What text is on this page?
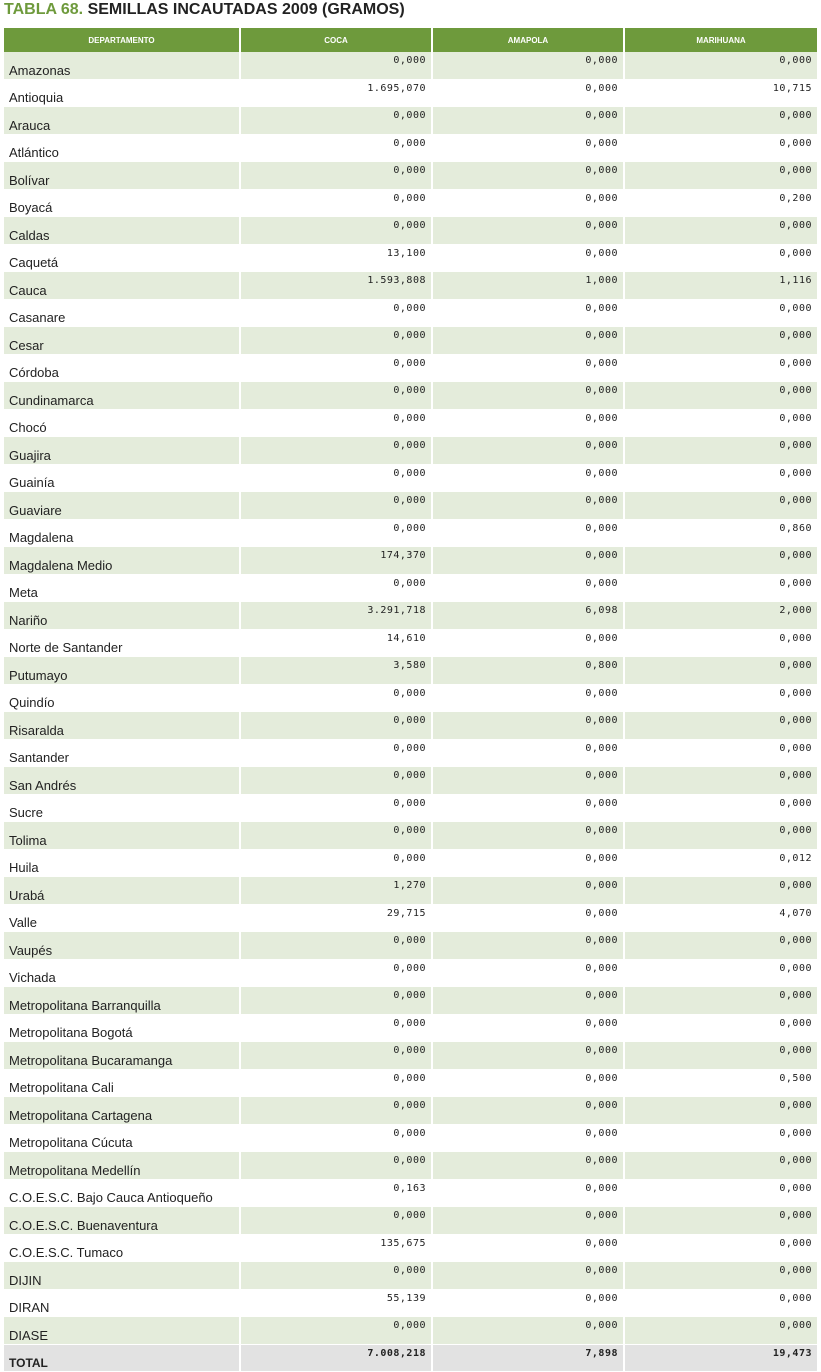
TABLA 68. SEMILLAS INCAUTADAS 2009 (GRAMOS)
DEPARTAMENTO	COCA	AMAPOLA	MARIHUANA
Amazonas	0,000	0,000	0,000
Antioquia	1.695,070	0,000	10,715
Arauca	0,000	0,000	0,000
Atlántico	0,000	0,000	0,000
Bolívar	0,000	0,000	0,000
Boyacá	0,000	0,000	0,200
Caldas	0,000	0,000	0,000
Caquetá	13,100	0,000	0,000
Cauca	1.593,808	1,000	1,116
Casanare	0,000	0,000	0,000
Cesar	0,000	0,000	0,000
Córdoba	0,000	0,000	0,000
Cundinamarca	0,000	0,000	0,000
Chocó	0,000	0,000	0,000
Guajira	0,000	0,000	0,000
Guainía	0,000	0,000	0,000
Guaviare	0,000	0,000	0,000
Magdalena	0,000	0,000	0,860
Magdalena Medio	174,370	0,000	0,000
Meta	0,000	0,000	0,000
Nariño	3.291,718	6,098	2,000
Norte de Santander	14,610	0,000	0,000
Putumayo	3,580	0,800	0,000
Quindío	0,000	0,000	0,000
Risaralda	0,000	0,000	0,000
Santander	0,000	0,000	0,000
San Andrés	0,000	0,000	0,000
Sucre	0,000	0,000	0,000
Tolima	0,000	0,000	0,000
Huila	0,000	0,000	0,012
Urabá	1,270	0,000	0,000
Valle	29,715	0,000	4,070
Vaupés	0,000	0,000	0,000
Vichada	0,000	0,000	0,000
Metropolitana Barranquilla	0,000	0,000	0,000
Metropolitana Bogotá	0,000	0,000	0,000
Metropolitana Bucaramanga	0,000	0,000	0,000
Metropolitana Cali	0,000	0,000	0,500
Metropolitana Cartagena	0,000	0,000	0,000
Metropolitana Cúcuta	0,000	0,000	0,000
Metropolitana Medellín	0,000	0,000	0,000
C.O.E.S.C. Bajo Cauca Antioqueño	0,163	0,000	0,000
C.O.E.S.C. Buenaventura	0,000	0,000	0,000
C.O.E.S.C. Tumaco	135,675	0,000	0,000
DIJIN	0,000	0,000	0,000
DIRAN	55,139	0,000	0,000
DIASE	0,000	0,000	0,000
TOTAL	7.008,218	7,898	19,473
